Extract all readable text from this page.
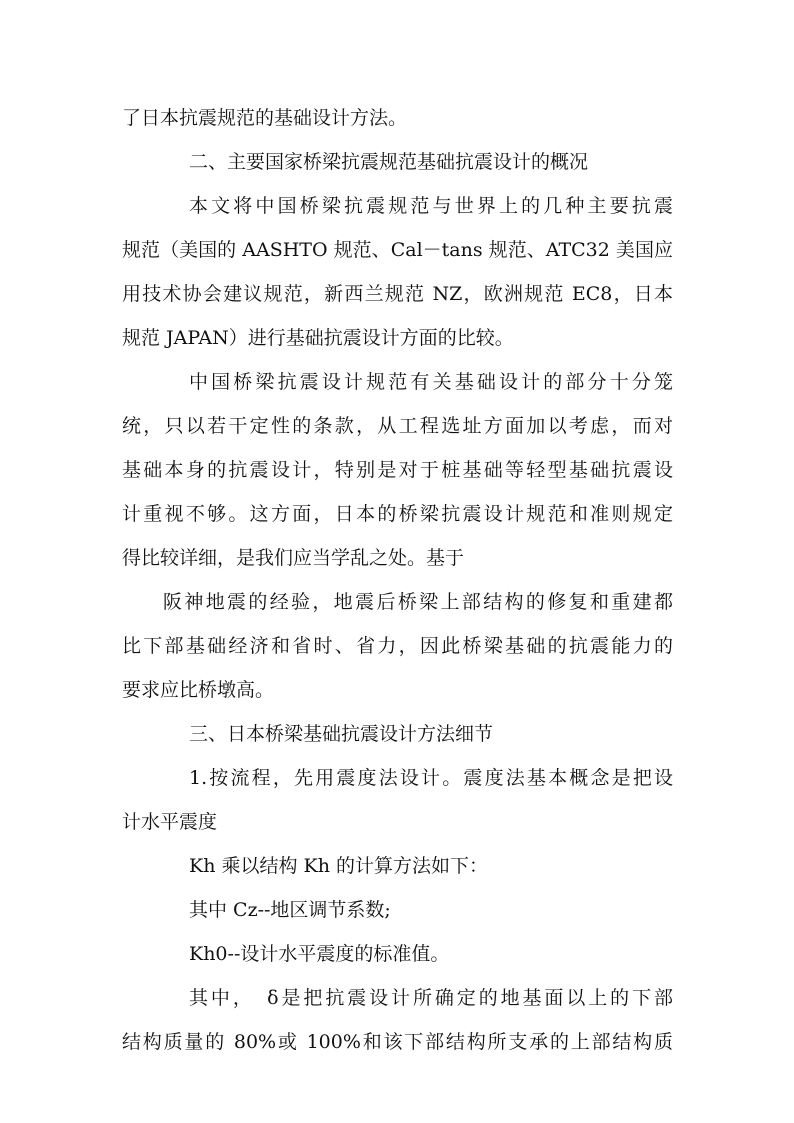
了日本抗震规范的基础设计方法。
二、主要国家桥梁抗震规范基础抗震设计的概况
本文将中国桥梁抗震规范与世界上的几种主要抗震
规范（美国的 AASHTO 规范、Cal－tans 规范、ATC32 美国应
用技术协会建议规范，新西兰规范 NZ，欧洲规范 EC8，日本
规范 JAPAN）进行基础抗震设计方面的比较。
中国桥梁抗震设计规范有关基础设计的部分十分笼
统，只以若干定性的条款，从工程选址方面加以考虑，而对
基础本身的抗震设计，特别是对于桩基础等轻型基础抗震设
计重视不够。这方面，日本的桥梁抗震设计规范和准则规定
得比较详细，是我们应当学乱之处。基于
阪神地震的经验，地震后桥梁上部结构的修复和重建都
比下部基础经济和省时、省力，因此桥梁基础的抗震能力的
要求应比桥墩高。
三、日本桥梁基础抗震设计方法细节
1.按流程，先用震度法设计。震度法基本概念是把设
计水平震度
Kh 乘以结构 Kh 的计算方法如下：
其中 Cz--地区调节系数;
Kh0--设计水平震度的标准值。
其中，　δ是把抗震设计所确定的地基面以上的下部
结构质量的 80%或 100%和该下部结构所支承的上部结构质
